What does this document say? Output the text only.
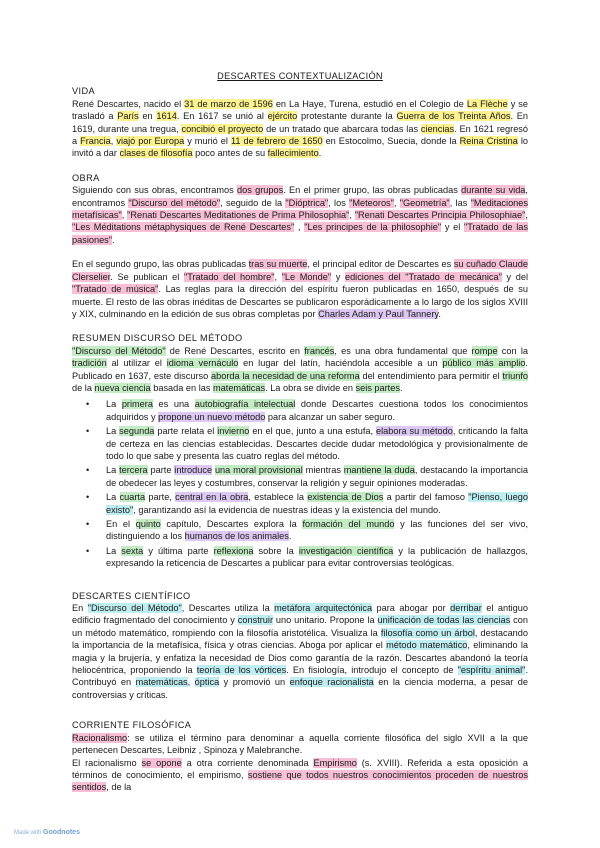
DESCARTES CONTEXTUALIZACIÓN
VIDA
René Descartes, nacido el 31 de marzo de 1596 en La Haye, Turena, estudió en el Colegio de La Flèche y se trasladó a París en 1614. En 1617 se unió al ejército protestante durante la Guerra de los Treinta Años. En 1619, durante una tregua, concibió el proyecto de un tratado que abarcara todas las ciencias. En 1621 regresó a Francia, viajó por Europa y murió el 11 de febrero de 1650 en Estocolmo, Suecia, donde la Reina Cristina lo invitó a dar clases de filosofía poco antes de su fallecimiento.
OBRA
Siguiendo con sus obras, encontramos dos grupos. En el primer grupo, las obras publicadas durante su vida, encontramos "Discurso del método", seguido de la "Dióptrica", los "Meteoros", "Geometría", las "Meditaciones metafísicas", "Renati Descartes Meditationes de Prima Philosophia", "Renati Descartes Principia Philosophiae", "Les Méditations métaphysiques de René Descartes" , "Les principes de la philosophie" y el "Tratado de las pasiones".
En el segundo grupo, las obras publicadas tras su muerte, el principal editor de Descartes es su cuñado Claude Clerselier. Se publican el "Tratado del hombre", "Le Monde" y ediciones del "Tratado de mecánica" y del "Tratado de música". Las reglas para la dirección del espíritu fueron publicadas en 1650, después de su muerte. El resto de las obras inéditas de Descartes se publicaron esporádicamente a lo largo de los siglos XVIII y XIX, culminando en la edición de sus obras completas por Charles Adam y Paul Tannery.
RESUMEN DISCURSO DEL MÉTODO
"Discurso del Método" de René Descartes, escrito en francés, es una obra fundamental que rompe con la tradición al utilizar el idioma vernáculo en lugar del latín, haciéndola accesible a un público más amplio. Publicado en 1637, este discurso aborda la necesidad de una reforma del entendimiento para permitir el triunfo de la nueva ciencia basada en las matemáticas. La obra se divide en seis partes.
• La primera es una autobiografía intelectual donde Descartes cuestiona todos los conocimientos adquiridos y propone un nuevo método para alcanzar un saber seguro.
• La segunda parte relata el invierno en el que, junto a una estufa, elabora su método, criticando la falta de certeza en las ciencias establecidas. Descartes decide dudar metodológica y provisionalmente de todo lo que sabe y presenta las cuatro reglas del método.
• La tercera parte introduce una moral provisional mientras mantiene la duda, destacando la importancia de obedecer las leyes y costumbres, conservar la religión y seguir opiniones moderadas.
• La cuarta parte, central en la obra, establece la existencia de Dios a partir del famoso "Pienso, luego existo", garantizando así la evidencia de nuestras ideas y la existencia del mundo.
• En el quinto capítulo, Descartes explora la formación del mundo y las funciones del ser vivo, distinguiendo a los humanos de los animales.
• La sexta y última parte reflexiona sobre la investigación científica y la publicación de hallazgos, expresando la reticencia de Descartes a publicar para evitar controversias teológicas.
DESCARTES CIENTÍFICO
En "Discurso del Método", Descartes utiliza la metáfora arquitectónica para abogar por derribar el antiguo edificio fragmentado del conocimiento y construir uno unitario. Propone la unificación de todas las ciencias con un método matemático, rompiendo con la filosofía aristotélica. Visualiza la filosofía como un árbol, destacando la importancia de la metafísica, física y otras ciencias. Aboga por aplicar el método matemático, eliminando la magia y la brujería, y enfatiza la necesidad de Dios como garantía de la razón. Descartes abandonó la teoría heliocéntrica, proponiendo la teoría de los vórtices. En fisiología, introdujo el concepto de "espíritu animal". Contribuyó en matemáticas, óptica y promovió un enfoque racionalista en la ciencia moderna, a pesar de controversias y críticas.
CORRIENTE FILOSÓFICA
Racionalismo: se utiliza el término para denominar a aquella corriente filosófica del siglo XVII a la que pertenecen Descartes, Leibniz , Spinoza y Malebranche.
El racionalismo se opone a otra corriente denominada Empirismo (s. XVIII). Referida a esta oposición a términos de conocimiento, el empirismo, sostiene que todos nuestros conocimientos proceden de nuestros sentidos, de la
Made with Goodnotes
